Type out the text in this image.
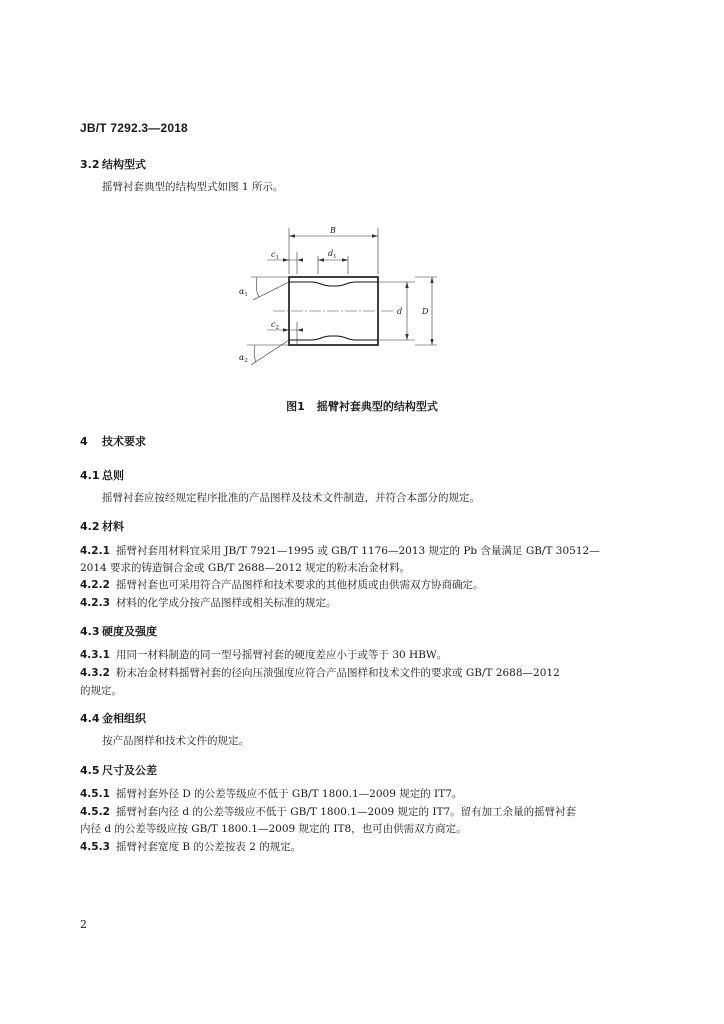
JB/T 7292.3—2018
3.2 结构型式
摇臂衬套典型的结构型式如图 1 所示。
B
$c_1$	$d_1$
$\alpha_1$
$c_2$
$\alpha_2$
d D
图1 摇臂衬套典型的结构型式
4 技术要求
4.1 总则
摇臂衬套应按经规定程序批准的产品图样及技术文件制造，并符合本部分的规定。
4.2 材料
4.2.1 摇臂衬套用材料宜采用 JB/T 7921—1995 或 GB/T 1176—2013 规定的 Pb 含量满足 GB/T 30512—
2014 要求的铸造铜合金或 GB/T 2688—2012 规定的粉末冶金材料。
4.2.2 摇臂衬套也可采用符合产品图样和技术要求的其他材质或由供需双方协商确定。
4.2.3 材料的化学成分按产品图样或相关标准的规定。
4.3 硬度及强度
4.3.1 用同一材料制造的同一型号摇臂衬套的硬度差应小于或等于 30 HBW。
4.3.2 粉末冶金材料摇臂衬套的径向压溃强度应符合产品图样和技术文件的要求或 GB/T 2688—2012
的规定。
4.4 金相组织
按产品图样和技术文件的规定。
4.5 尺寸及公差
4.5.1 摇臂衬套外径 D 的公差等级应不低于 GB/T 1800.1—2009 规定的 IT7。
4.5.2 摇臂衬套内径 d 的公差等级应不低于 GB/T 1800.1—2009 规定的 IT7。留有加工余量的摇臂衬套
内径 d 的公差等级应按 GB/T 1800.1—2009 规定的 IT8，也可由供需双方商定。
4.5.3 摇臂衬套宽度 B 的公差按表 2 的规定。
2
